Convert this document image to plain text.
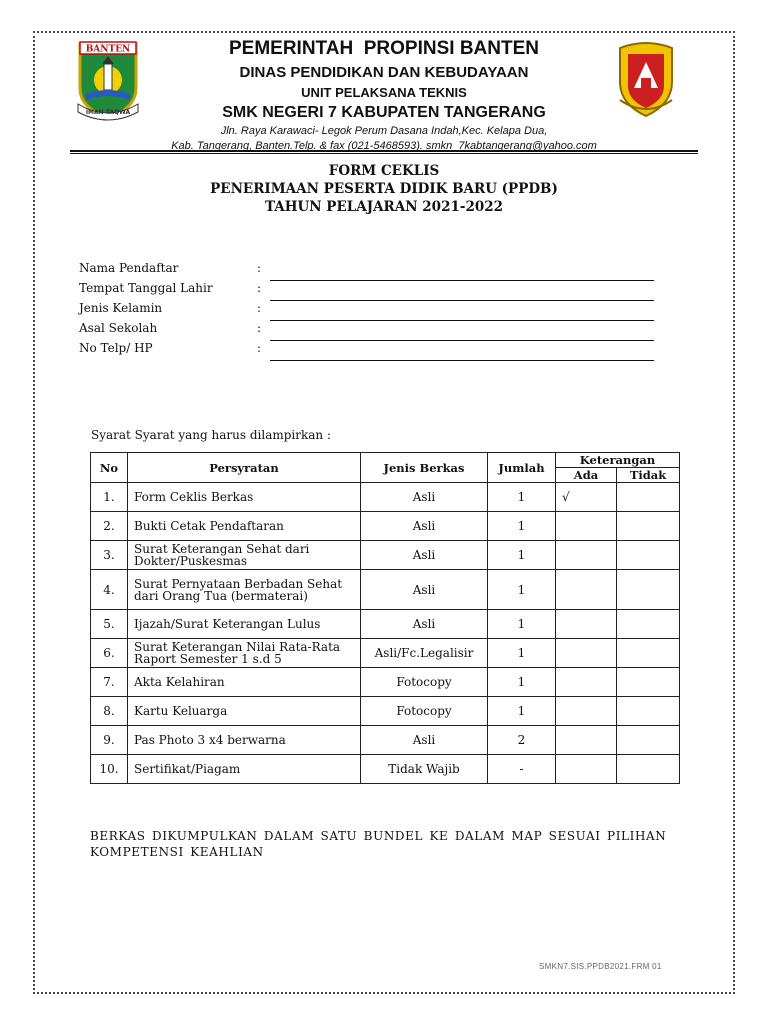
BANTEN
IMAN TAQWA
PEMERINTAH  PROPINSI BANTEN
DINAS PENDIDIKAN DAN KEBUDAYAAN
UNIT PELAKSANA TEKNIS
SMK NEGERI 7 KABUPATEN TANGERANG
Jln. Raya Karawaci- Legok Perum Dasana Indah,Kec. Kelapa Dua,
Kab. Tangerang, Banten.Telp. & fax (021-5468593). smkn_7kabtangerang@yahoo.com
FORM CEKLIS
PENERIMAAN PESERTA DIDIK BARU (PPDB)
TAHUN PELAJARAN 2021-2022
Nama Pendaftar	:
Tempat Tanggal Lahir	:
Jenis Kelamin	:
Asal Sekolah	:
No Telp/ HP	:
Syarat Syarat yang harus dilampirkan :
No	Persyratan	Jenis Berkas	Jumlah	Keterangan	
				Ada	Tidak
1.	Form Ceklis Berkas	Asli	1	√	
2.	Bukti Cetak Pendaftaran	Asli	1		
3.	Surat Keterangan Sehat dari Dokter/Puskesmas	Asli	1		
4.	Surat Pernyataan Berbadan Sehat dari Orang Tua (bermaterai)	Asli	1		
5.	Ijazah/Surat Keterangan Lulus	Asli	1		
6.	Surat Keterangan Nilai Rata-Rata Raport Semester 1 s.d 5	Asli/Fc.Legalisir	1		
7.	Akta Kelahiran	Fotocopy	1		
8.	Kartu Keluarga	Fotocopy	1		
9.	Pas Photo 3 x4 berwarna	Asli	2		
10.	Sertifikat/Piagam	Tidak Wajib	-		
BERKAS DIKUMPULKAN DALAM SATU BUNDEL KE DALAM MAP SESUAI PILIHAN KOMPETENSI KEAHLIAN
SMKN7.SIS.PPDB2021.FRM 01
